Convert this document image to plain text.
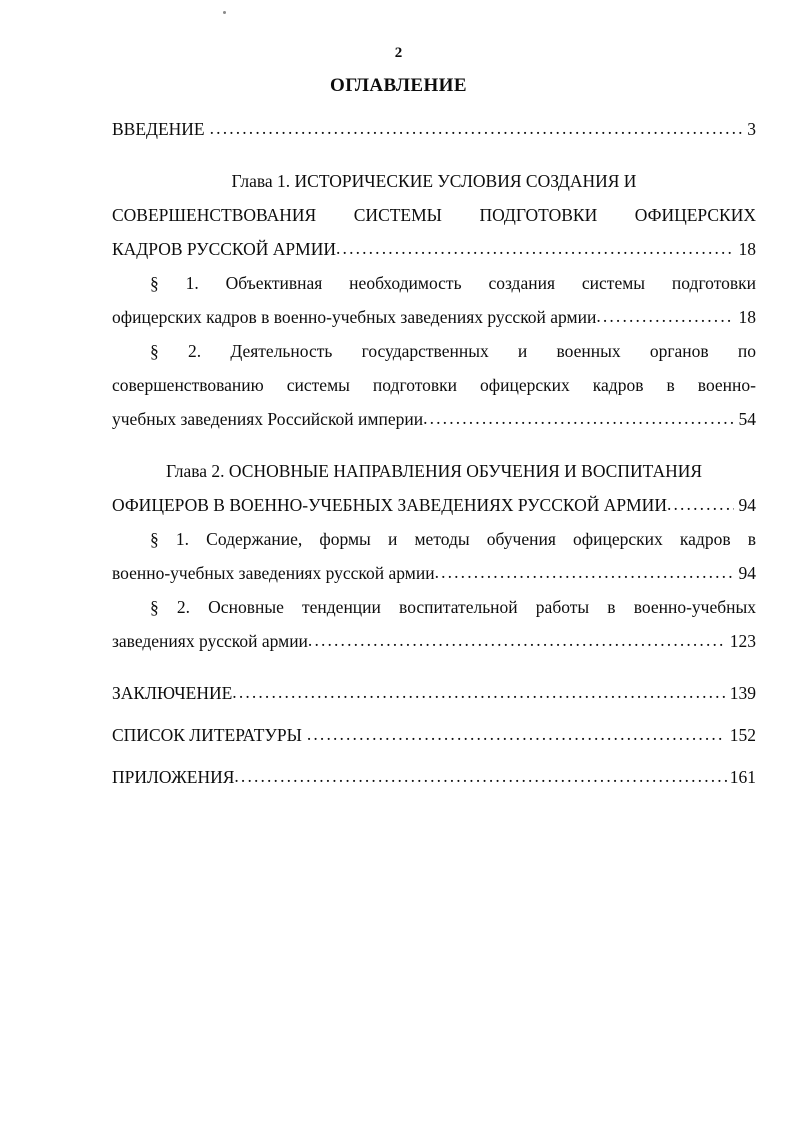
2
ОГЛАВЛЕНИЕ
ВВЕДЕНИЕ .....	3
Глава 1. ИСТОРИЧЕСКИЕ УСЛОВИЯ СОЗДАНИЯ И
СОВЕРШЕНСТВОВАНИЯ СИСТЕМЫ ПОДГОТОВКИ ОФИЦЕРСКИХ
КАДРОВ РУССКОЙ АРМИИ .....	18
§ 1. Объективная необходимость создания системы подготовки
офицерских кадров в военно-учебных заведениях русской армии .....	18
§ 2. Деятельность государственных и военных органов по
совершенствованию системы подготовки офицерских кадров в военно-
учебных заведениях Российской империи .....	54
Глава 2. ОСНОВНЫЕ НАПРАВЛЕНИЯ ОБУЧЕНИЯ И ВОСПИТАНИЯ
ОФИЦЕРОВ В ВОЕННО-УЧЕБНЫХ ЗАВЕДЕНИЯХ РУССКОЙ АРМИИ .....	94
§ 1. Содержание, формы и методы обучения офицерских кадров в
военно-учебных заведениях русской армии .....	94
§ 2. Основные тенденции воспитательной работы в военно-учебных
заведениях русской армии .....	123
ЗАКЛЮЧЕНИЕ .....	139
СПИСОК ЛИТЕРАТУРЫ .....	152
ПРИЛОЖЕНИЯ .....	161
